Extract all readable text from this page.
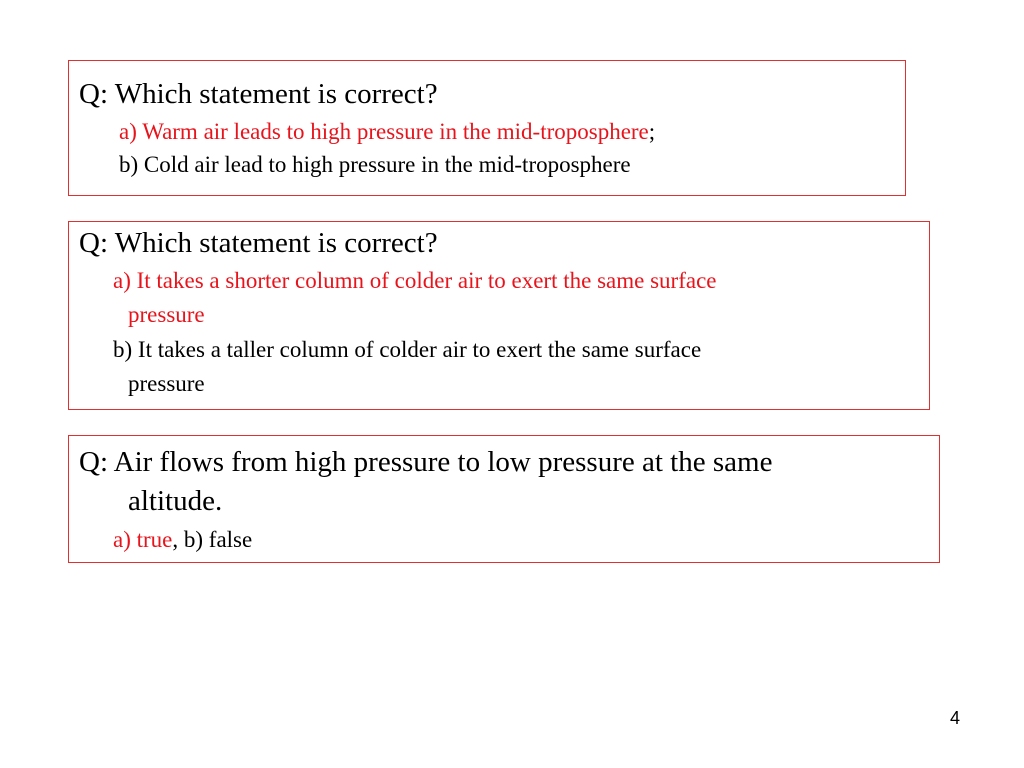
Q: Which statement is correct?
a) Warm air leads to high pressure in the mid-troposphere;
b) Cold air lead to high pressure in the mid-troposphere
Q: Which statement is correct?
a) It takes a shorter column of colder air to exert the same surface
pressure
b) It takes a taller column of colder air to exert the same surface
pressure
Q: Air flows from high pressure to low pressure at the same
altitude.
a) true, b) false
4
